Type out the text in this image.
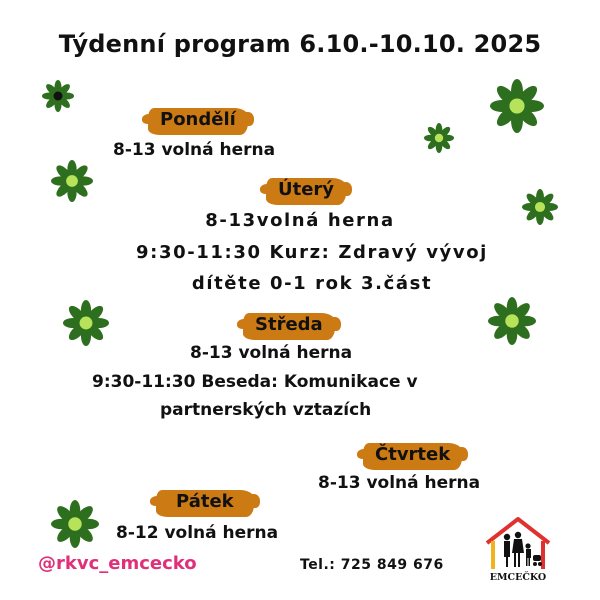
Týdenní program 6.10.-10.10. 2025
Pondělí
8-13 volná herna
Úterý
8-13volná herna
9:30-11:30 Kurz: Zdravý vývoj
dítěte 0-1 rok 3.část
Středa
8-13 volná herna
9:30-11:30 Beseda: Komunikace v
partnerských vztazích
Čtvrtek
8-13 volná herna
Pátek
8-12 volná herna
@rkvc_emcecko	Tel.: 725 849 676
EMCEČKO
